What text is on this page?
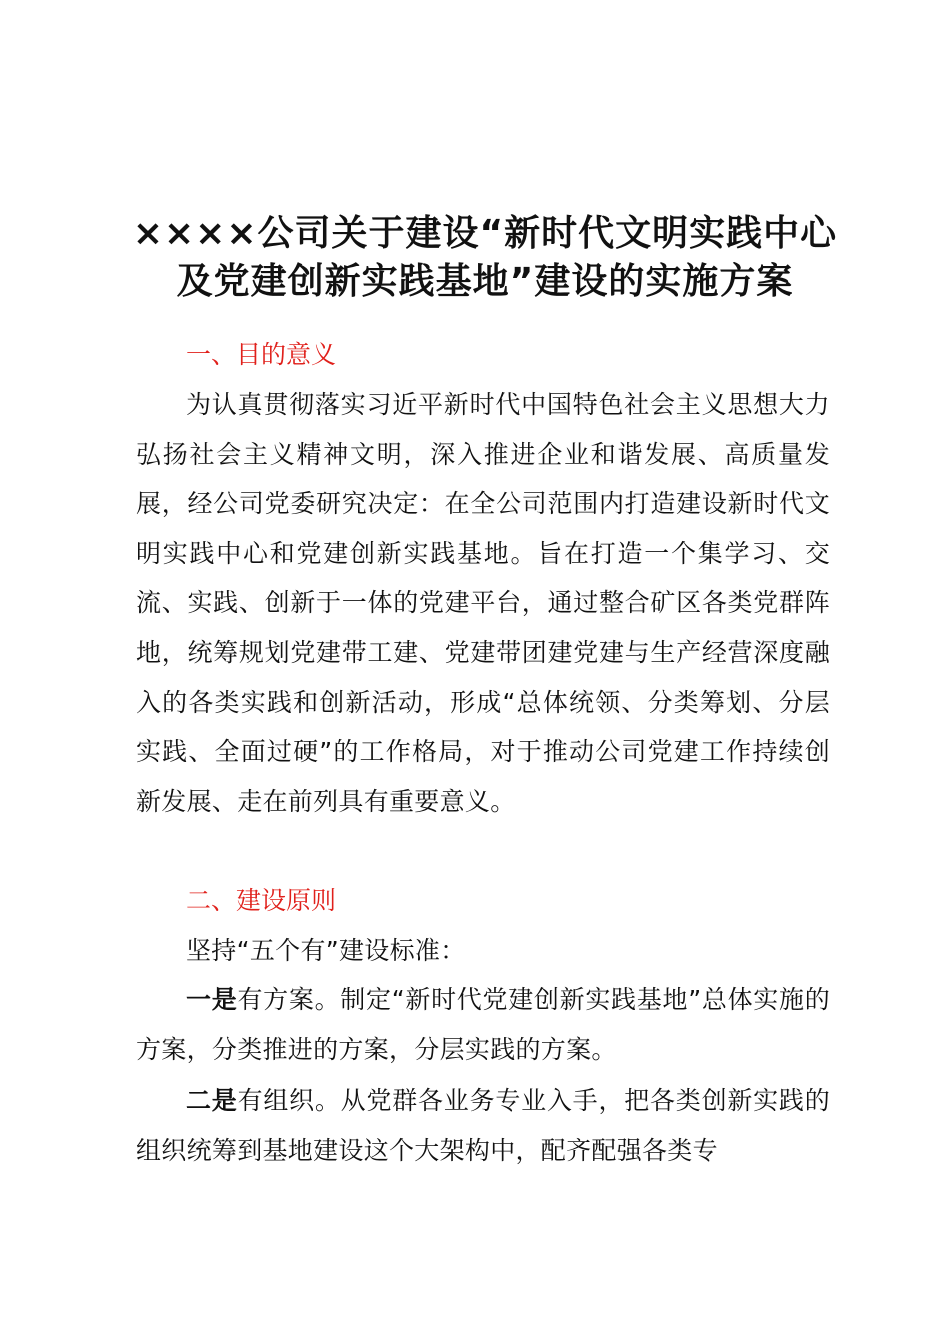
××××公司关于建设“新时代文明实践中心
及党建创新实践基地”建设的实施方案
一、目的意义
为认真贯彻落实习近平新时代中国特色社会主义思想大力弘扬社会主义精神文明，深入推进企业和谐发展、高质量发展，经公司党委研究决定：在全公司范围内打造建设新时代文明实践中心和党建创新实践基地。旨在打造一个集学习、交流、实践、创新于一体的党建平台，通过整合矿区各类党群阵地，统筹规划党建带工建、党建带团建党建与生产经营深度融入的各类实践和创新活动，形成“总体统领、分类筹划、分层实践、全面过硬”的工作格局，对于推动公司党建工作持续创新发展、走在前列具有重要意义。
二、建设原则
坚持“五个有”建设标准：
一是有方案。制定“新时代党建创新实践基地”总体实施的方案，分类推进的方案，分层实践的方案。
二是有组织。从党群各业务专业入手，把各类创新实践的组织统筹到基地建设这个大架构中，配齐配强各类专
